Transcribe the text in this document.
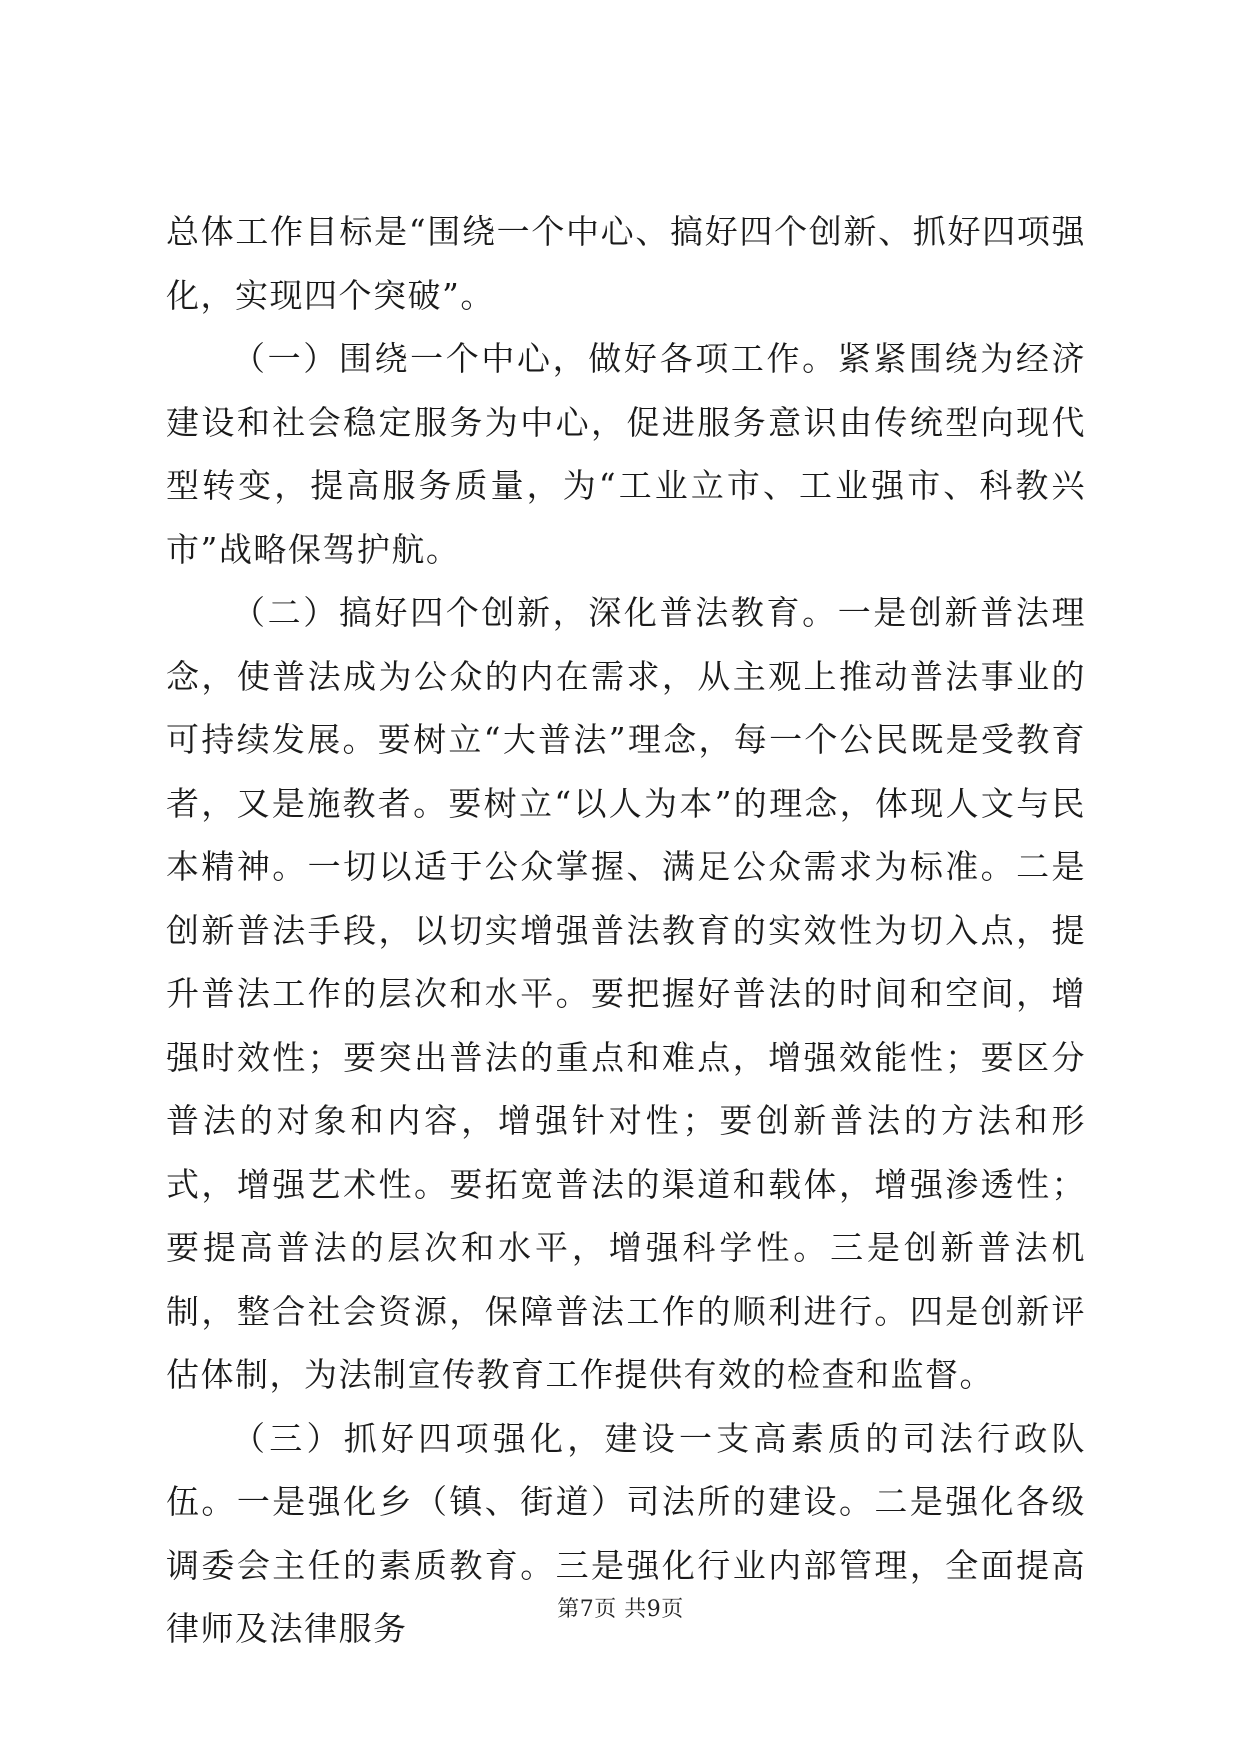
总体工作目标是“围绕一个中心、搞好四个创新、抓好四项强化，实现四个突破”。

（一）围绕一个中心，做好各项工作。紧紧围绕为经济建设和社会稳定服务为中心，促进服务意识由传统型向现代型转变，提高服务质量，为“工业立市、工业强市、科教兴市”战略保驾护航。

（二）搞好四个创新，深化普法教育。一是创新普法理念，使普法成为公众的内在需求，从主观上推动普法事业的可持续发展。要树立“大普法”理念，每一个公民既是受教育者，又是施教者。要树立“以人为本”的理念，体现人文与民本精神。一切以适于公众掌握、满足公众需求为标准。二是创新普法手段，以切实增强普法教育的实效性为切入点，提升普法工作的层次和水平。要把握好普法的时间和空间，增强时效性；要突出普法的重点和难点，增强效能性；要区分普法的对象和内容，增强针对性；要创新普法的方法和形式，增强艺术性。要拓宽普法的渠道和载体，增强渗透性；要提高普法的层次和水平，增强科学性。三是创新普法机制，整合社会资源，保障普法工作的顺利进行。四是创新评估体制，为法制宣传教育工作提供有效的检查和监督。

（三）抓好四项强化，建设一支高素质的司法行政队伍。一是强化乡（镇、街道）司法所的建设。二是强化各级调委会主任的素质教育。三是强化行业内部管理，全面提高律师及法律服务	第7页 共9页
